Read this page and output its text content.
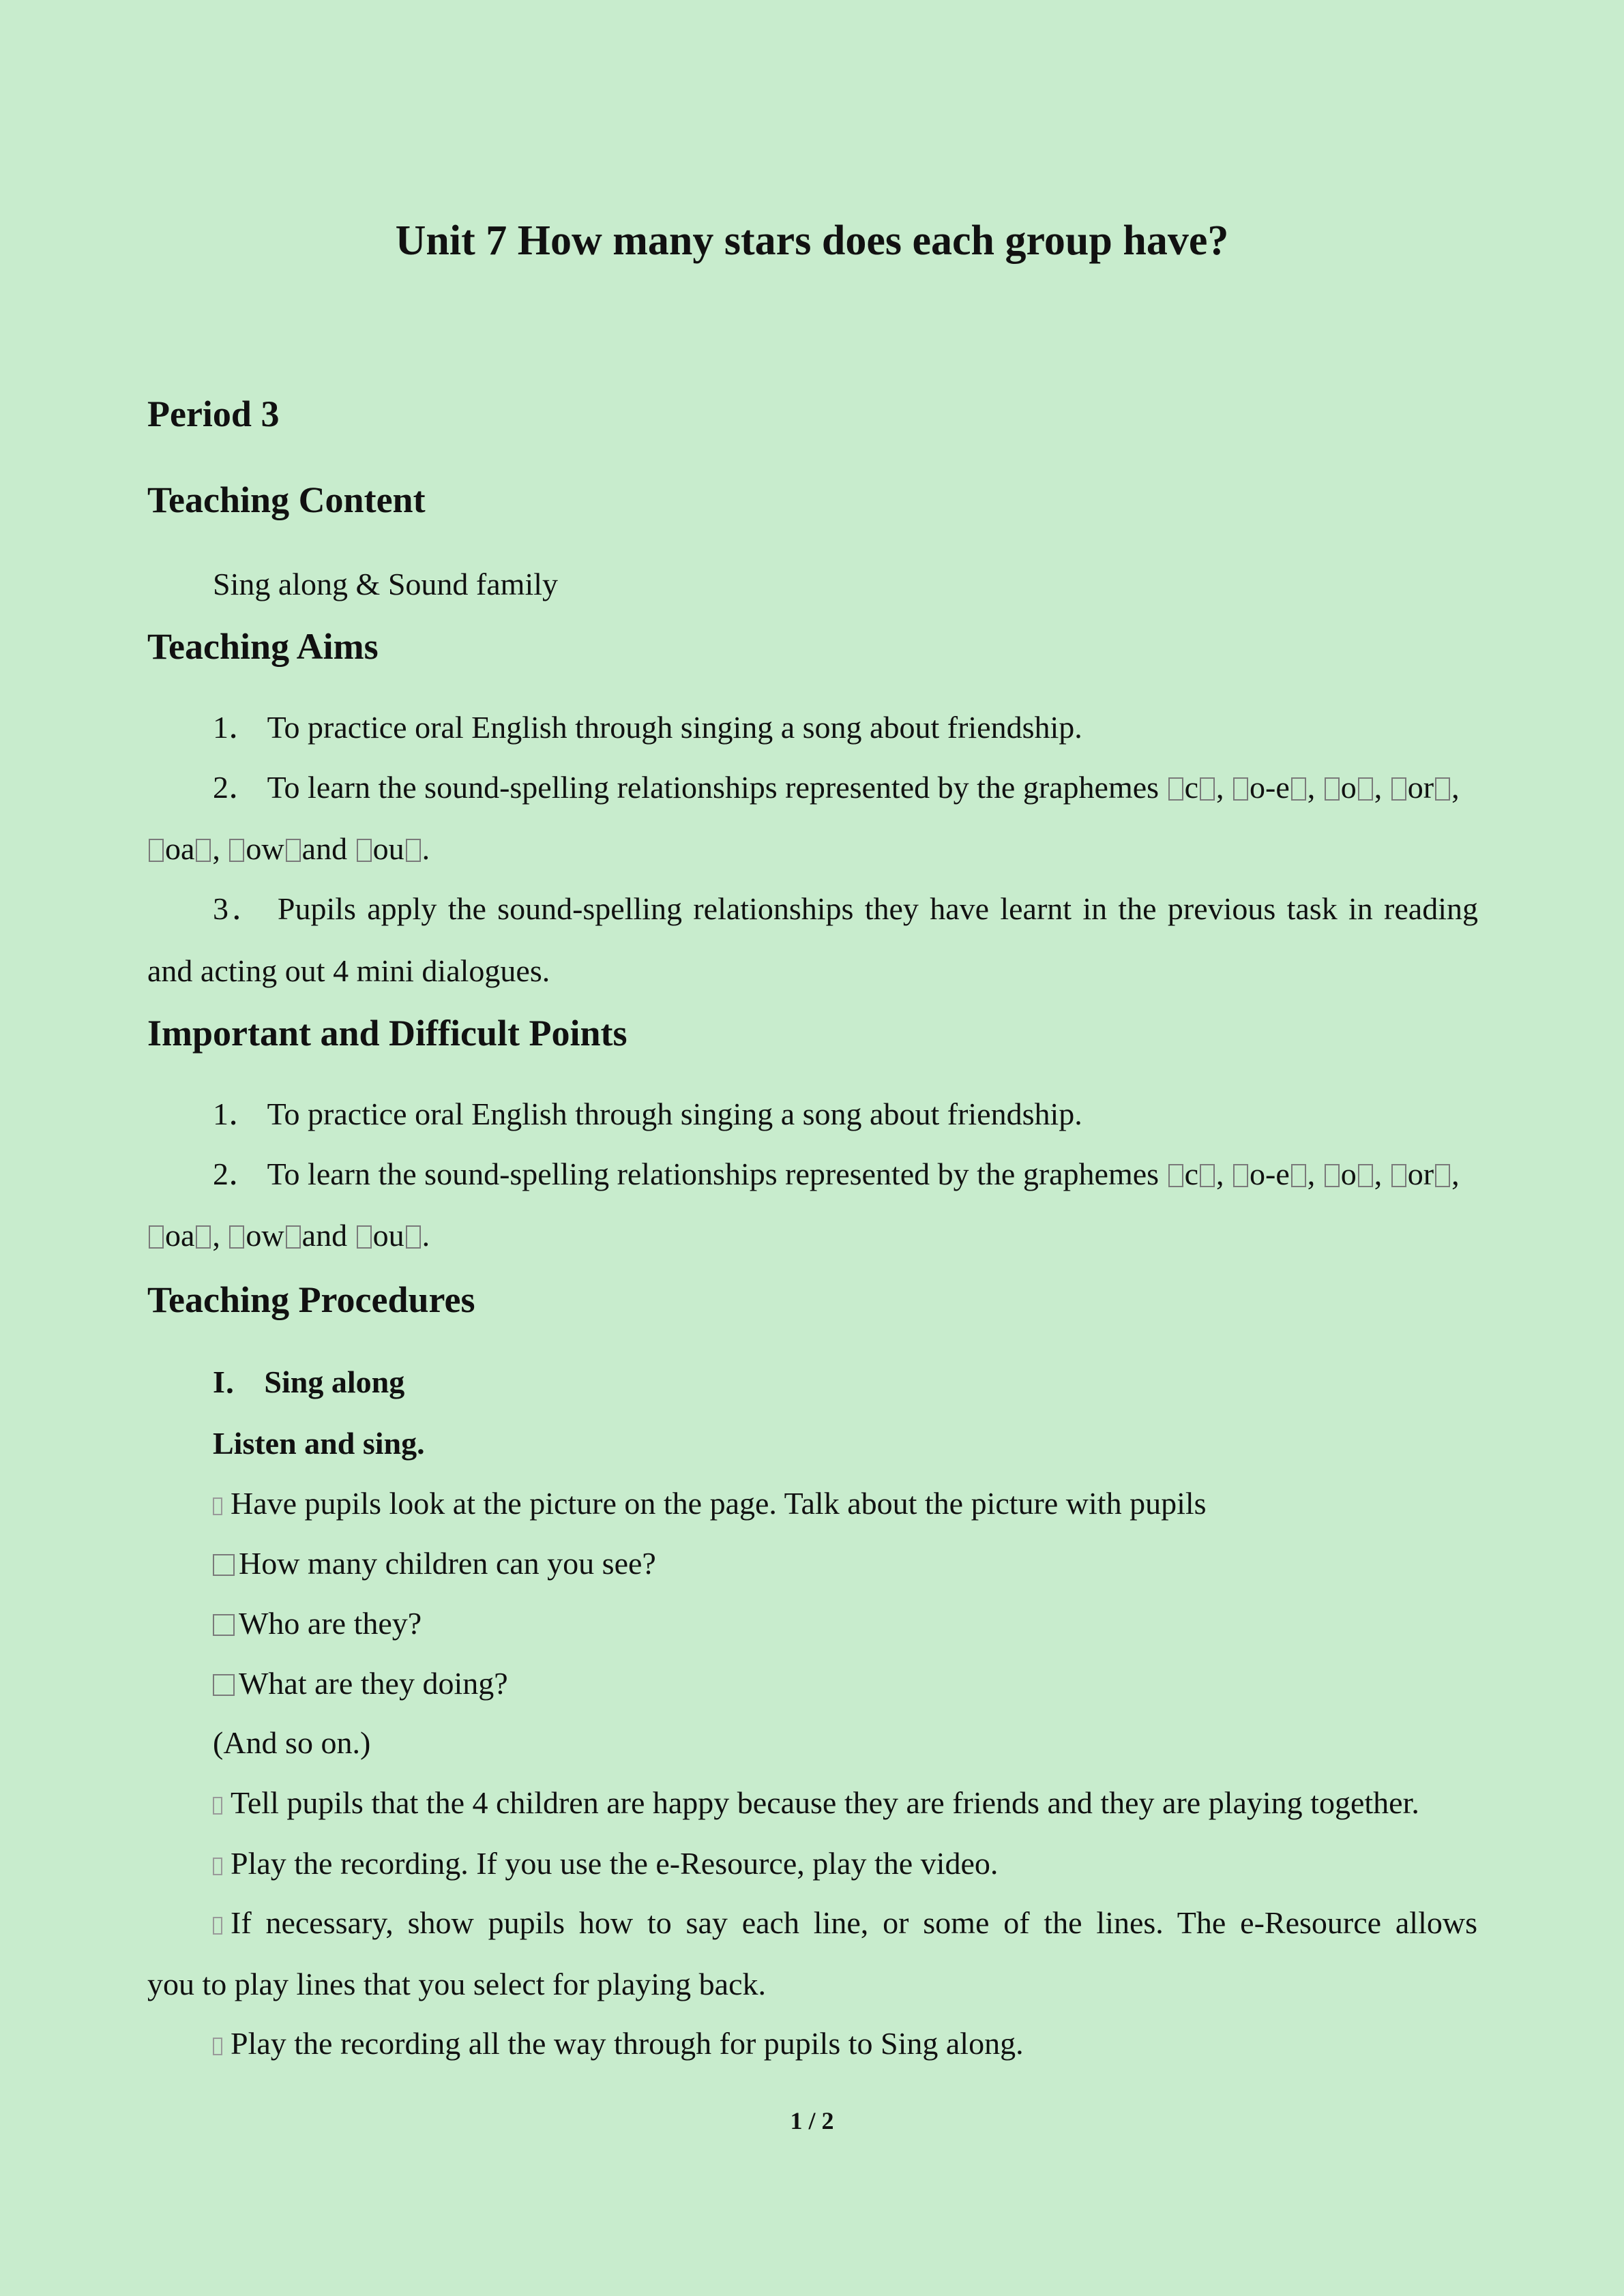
Unit 7 How many stars does each group have?
Period 3
Teaching Content
Sing along & Sound family
Teaching Aims
1． To practice oral English through singing a song about friendship.
2． To learn the sound-spelling relationships represented by the graphemes c , o-e , o , or ,
oa , ow and ou .
3． Pupils apply the sound-spelling relationships they have learnt in the previous task in reading
and acting out 4 mini dialogues.
Important and Difficult Points
1． To practice oral English through singing a song about friendship.
2． To learn the sound-spelling relationships represented by the graphemes c , o-e , o , or ,
oa , ow and ou .
Teaching Procedures
I． Sing along
Listen and sing.
Have pupils look at the picture on the page. Talk about the picture with pupils
How many children can you see?
Who are they?
What are they doing?
(And so on.)
Tell pupils that the 4 children are happy because they are friends and they are playing together.
Play the recording. If you use the e-Resource, play the video.
If necessary, show pupils how to say each line, or some of the lines. The e-Resource allows
you to play lines that you select for playing back.
Play the recording all the way through for pupils to Sing along.
1 / 2
